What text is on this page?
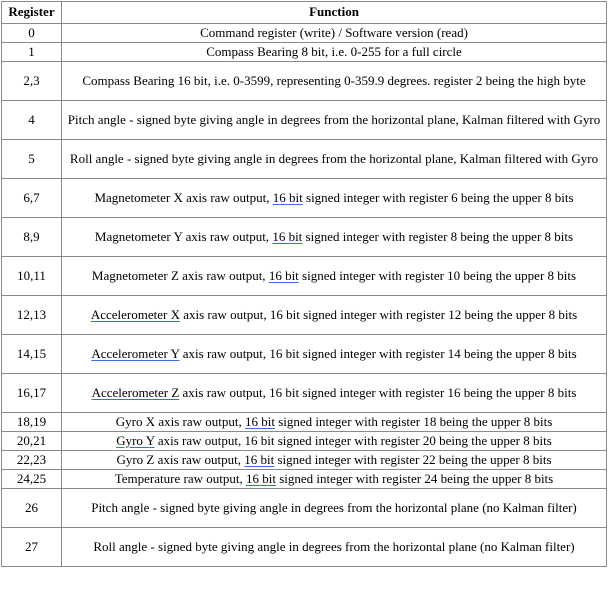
Register	Function
0	Command register (write) / Software version (read)
1	Compass Bearing 8 bit, i.e. 0-255 for a full circle
2,3	Compass Bearing 16 bit, i.e. 0-3599, representing 0-359.9 degrees. register 2 being the high byte
4	Pitch angle - signed byte giving angle in degrees from the horizontal plane, Kalman filtered with Gyro
5	Roll angle - signed byte giving angle in degrees from the horizontal plane, Kalman filtered with Gyro
6,7	Magnetometer X axis raw output, 16 bit signed integer with register 6 being the upper 8 bits
8,9	Magnetometer Y axis raw output, 16 bit signed integer with register 8 being the upper 8 bits
10,11	Magnetometer Z axis raw output, 16 bit signed integer with register 10 being the upper 8 bits
12,13	Accelerometer X axis raw output, 16 bit signed integer with register 12 being the upper 8 bits
14,15	Accelerometer Y axis raw output, 16 bit signed integer with register 14 being the upper 8 bits
16,17	Accelerometer Z axis raw output, 16 bit signed integer with register 16 being the upper 8 bits
18,19	Gyro X axis raw output, 16 bit signed integer with register 18 being the upper 8 bits
20,21	Gyro Y axis raw output, 16 bit signed integer with register 20 being the upper 8 bits
22,23	Gyro Z axis raw output, 16 bit signed integer with register 22 being the upper 8 bits
24,25	Temperature raw output, 16 bit signed integer with register 24 being the upper 8 bits
26	Pitch angle - signed byte giving angle in degrees from the horizontal plane (no Kalman filter)
27	Roll angle - signed byte giving angle in degrees from the horizontal plane (no Kalman filter)
